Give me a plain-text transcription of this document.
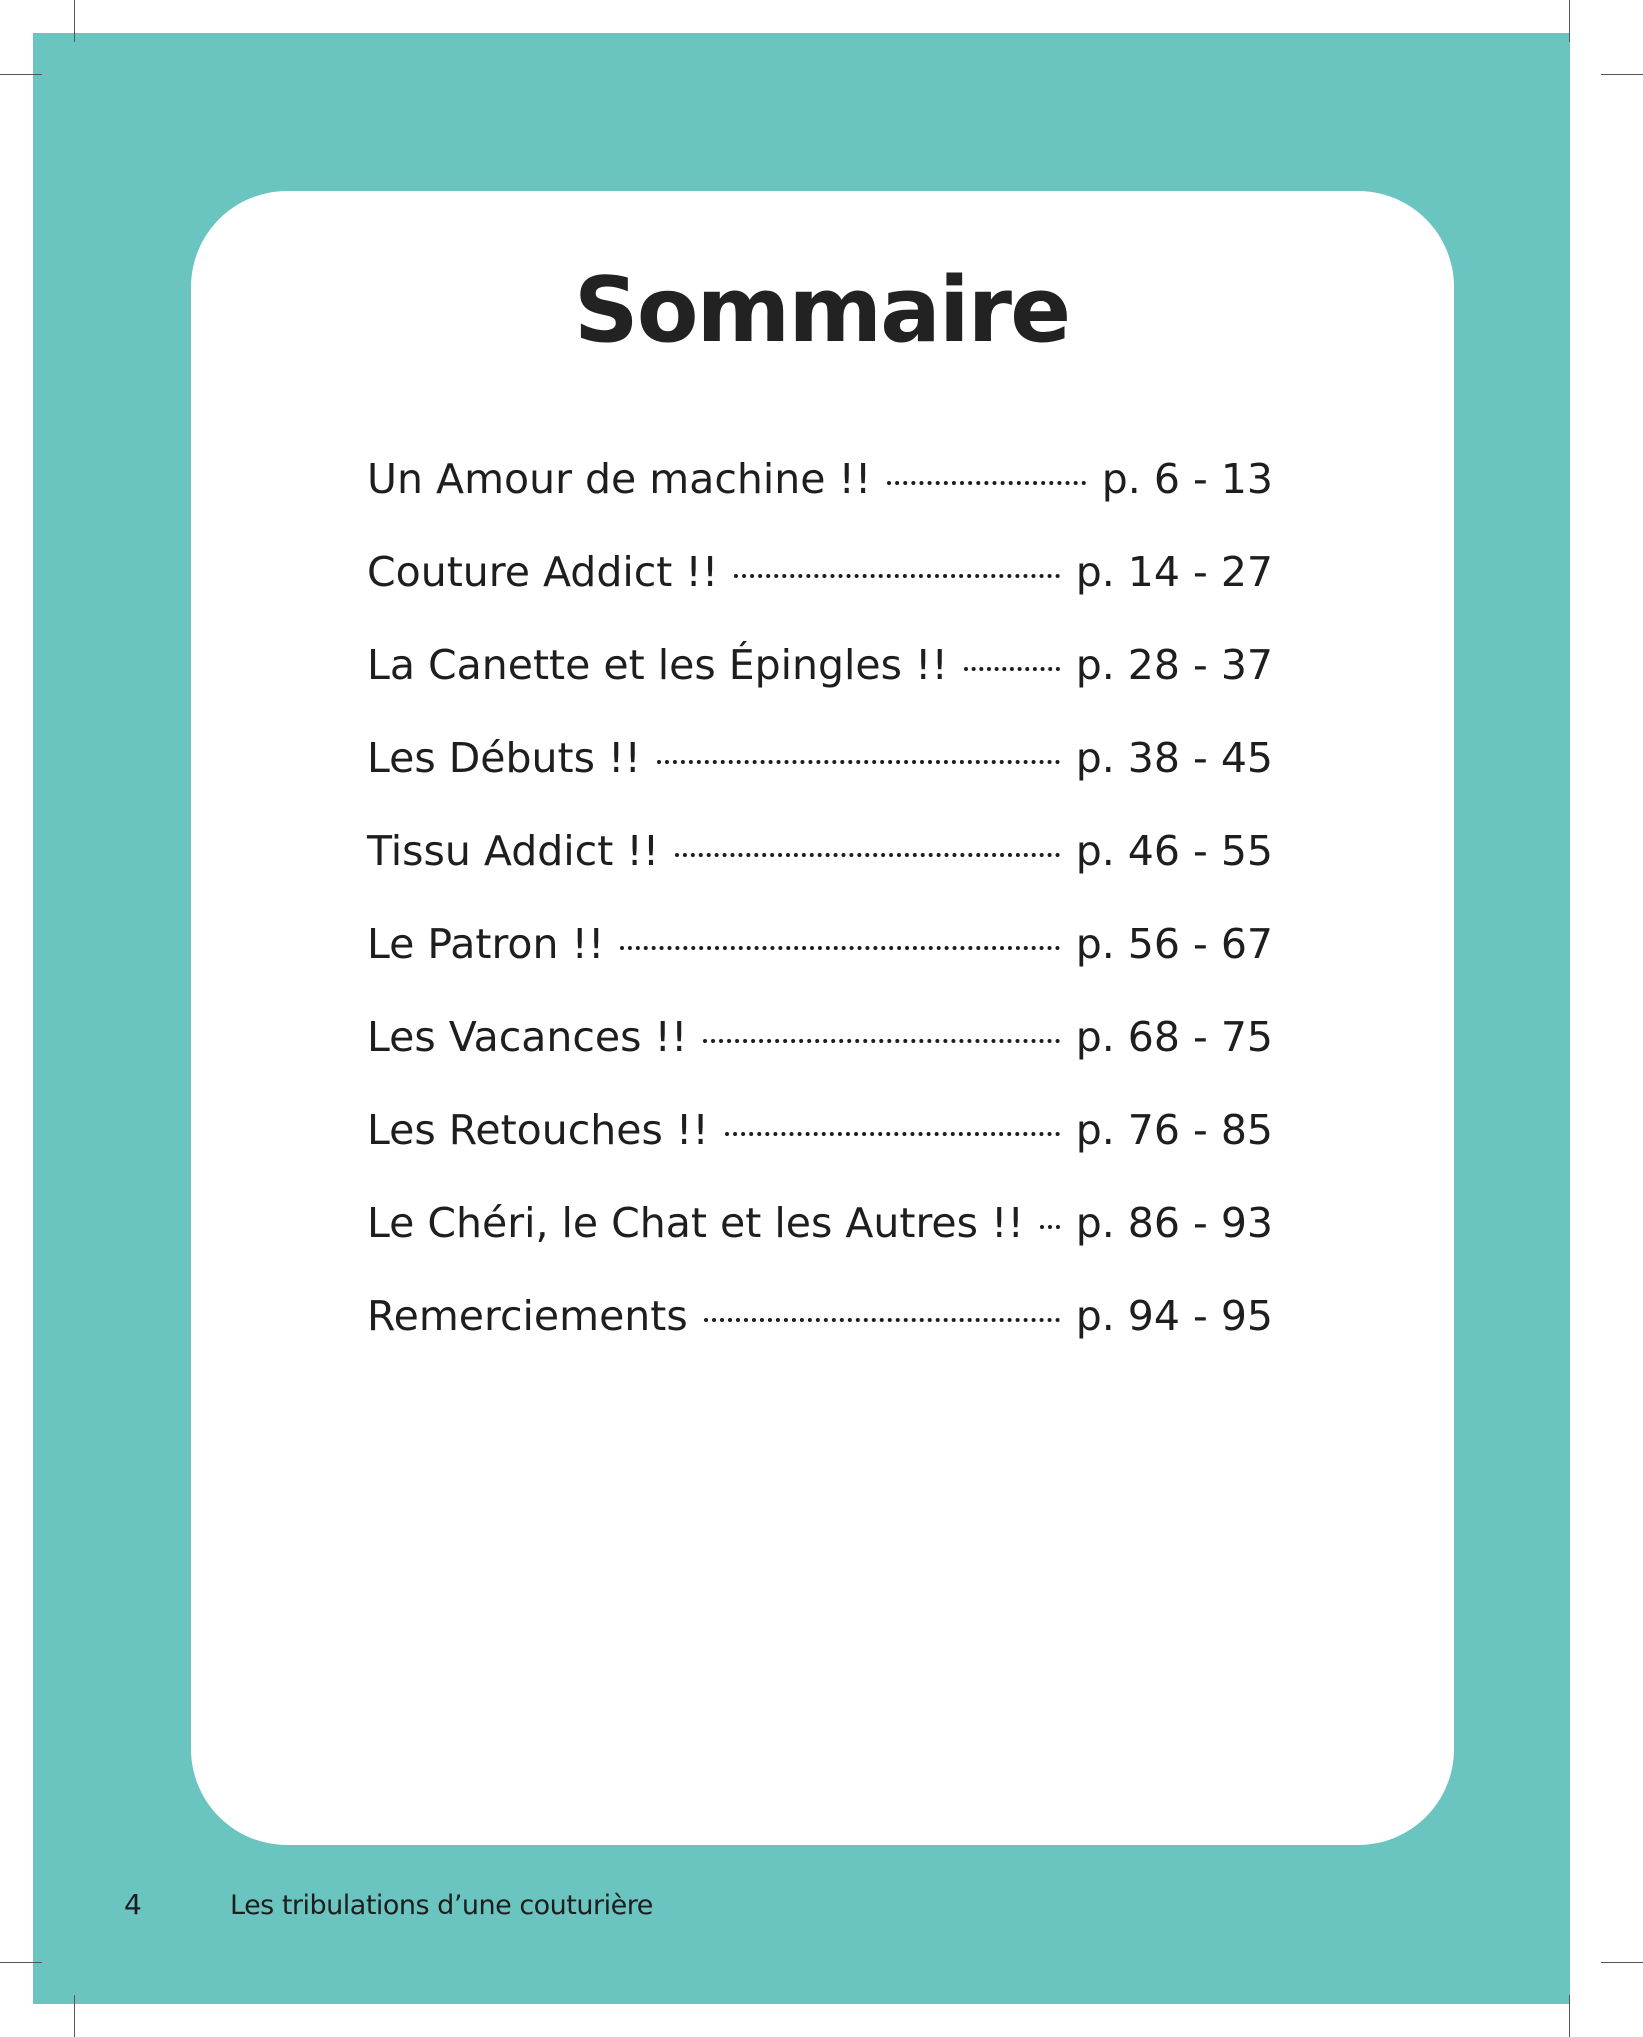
Sommaire
Un Amour de machine !!	p. 6 - 13
Couture Addict !!	p. 14 - 27
La Canette et les Épingles !!	p. 28 - 37
Les Débuts !!	p. 38 - 45
Tissu Addict !!	p. 46 - 55
Le Patron !!	p. 56 - 67
Les Vacances !!	p. 68 - 75
Les Retouches !!	p. 76 - 85
Le Chéri, le Chat et les Autres !! p. 86 - 93
Remerciements	p. 94 - 95
4	Les tribulations d’une couturière
